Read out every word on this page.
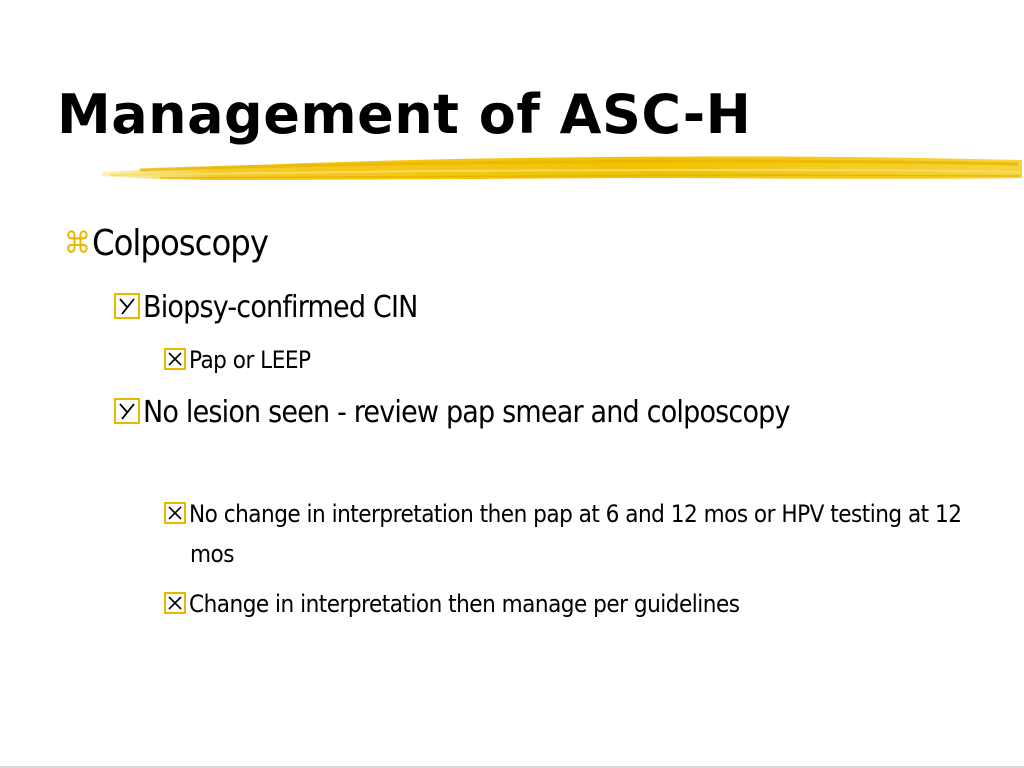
Management of ASC-H

⌘Colposcopy

Biopsy-confirmed CIN

Pap or LEEP

No lesion seen - review pap smear and colposcopy

No change in interpretation then pap at 6 and 12 mos or HPV testing at 12 mos

Change in interpretation then manage per guidelines
